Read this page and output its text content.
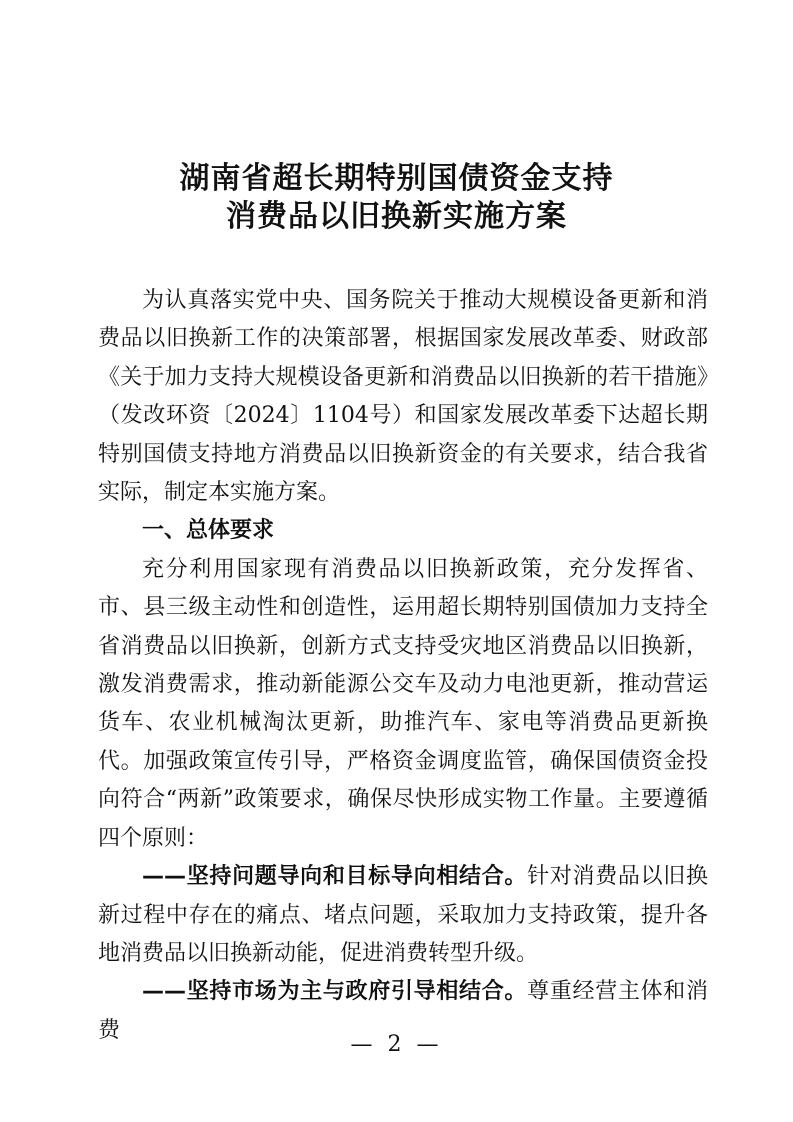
湖南省超长期特别国债资金支持
消费品以旧换新实施方案

为认真落实党中央、国务院关于推动大规模设备更新和消费品以旧换新工作的决策部署，根据国家发展改革委、财政部《关于加力支持大规模设备更新和消费品以旧换新的若干措施》（发改环资〔2024〕1104号）和国家发展改革委下达超长期特别国债支持地方消费品以旧换新资金的有关要求，结合我省实际，制定本实施方案。

一、总体要求

充分利用国家现有消费品以旧换新政策，充分发挥省、市、县三级主动性和创造性，运用超长期特别国债加力支持全省消费品以旧换新，创新方式支持受灾地区消费品以旧换新，激发消费需求，推动新能源公交车及动力电池更新，推动营运货车、农业机械淘汰更新，助推汽车、家电等消费品更新换代。加强政策宣传引导，严格资金调度监管，确保国债资金投向符合“两新”政策要求，确保尽快形成实物工作量。主要遵循四个原则：

——坚持问题导向和目标导向相结合。针对消费品以旧换新过程中存在的痛点、堵点问题，采取加力支持政策，提升各地消费品以旧换新动能，促进消费转型升级。

——坚持市场为主与政府引导相结合。尊重经营主体和消费

— 2 —
